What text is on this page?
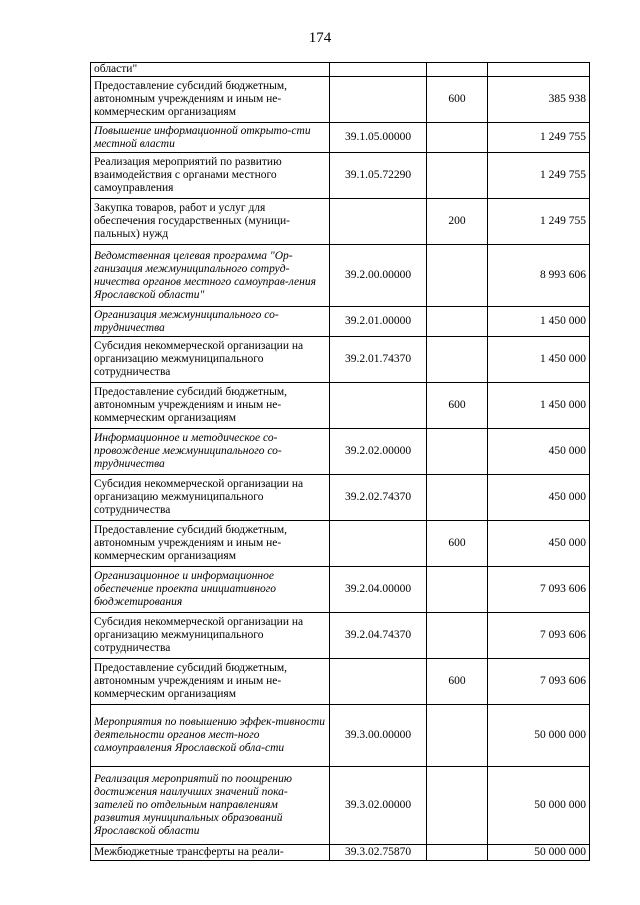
174
области"			
Предоставление субсидий бюджетным, автономным учреждениям и иным не-коммерческим организациям		600	385 938
Повышение информационной открыто-сти местной власти	39.1.05.00000		1 249 755
Реализация мероприятий по развитию взаимодействия с органами местного самоуправления	39.1.05.72290		1 249 755
Закупка товаров, работ и услуг для обеспечения государственных (муници-пальных) нужд		200	1 249 755
Ведомственная целевая программа "Ор-ганизация межмуниципального сотруд-ничества органов местного самоуправ-ления Ярославской области"	39.2.00.00000		8 993 606
Организация межмуниципального со-трудничества	39.2.01.00000		1 450 000
Субсидия некоммерческой организации на организацию межмуниципального сотрудничества	39.2.01.74370		1 450 000
Предоставление субсидий бюджетным, автономным учреждениям и иным не-коммерческим организациям		600	1 450 000
Информационное и методическое со-провождение межмуниципального со-трудничества	39.2.02.00000		450 000
Субсидия некоммерческой организации на организацию межмуниципального сотрудничества	39.2.02.74370		450 000
Предоставление субсидий бюджетным, автономным учреждениям и иным не-коммерческим организациям		600	450 000
Организационное и информационное обеспечение проекта инициативного бюджетирования	39.2.04.00000		7 093 606
Субсидия некоммерческой организации на организацию межмуниципального сотрудничества	39.2.04.74370		7 093 606
Предоставление субсидий бюджетным, автономным учреждениям и иным не-коммерческим организациям		600	7 093 606
Мероприятия по повышению эффек-тивности деятельности органов мест-ного самоуправления Ярославской обла-сти	39.3.00.00000		50 000 000
Реализация мероприятий по поощрению достижения наилучших значений пока-зателей по отдельным направлениям развития муниципальных образований Ярославской области	39.3.02.00000		50 000 000
Межбюджетные трансферты на реали-	39.3.02.75870		50 000 000
